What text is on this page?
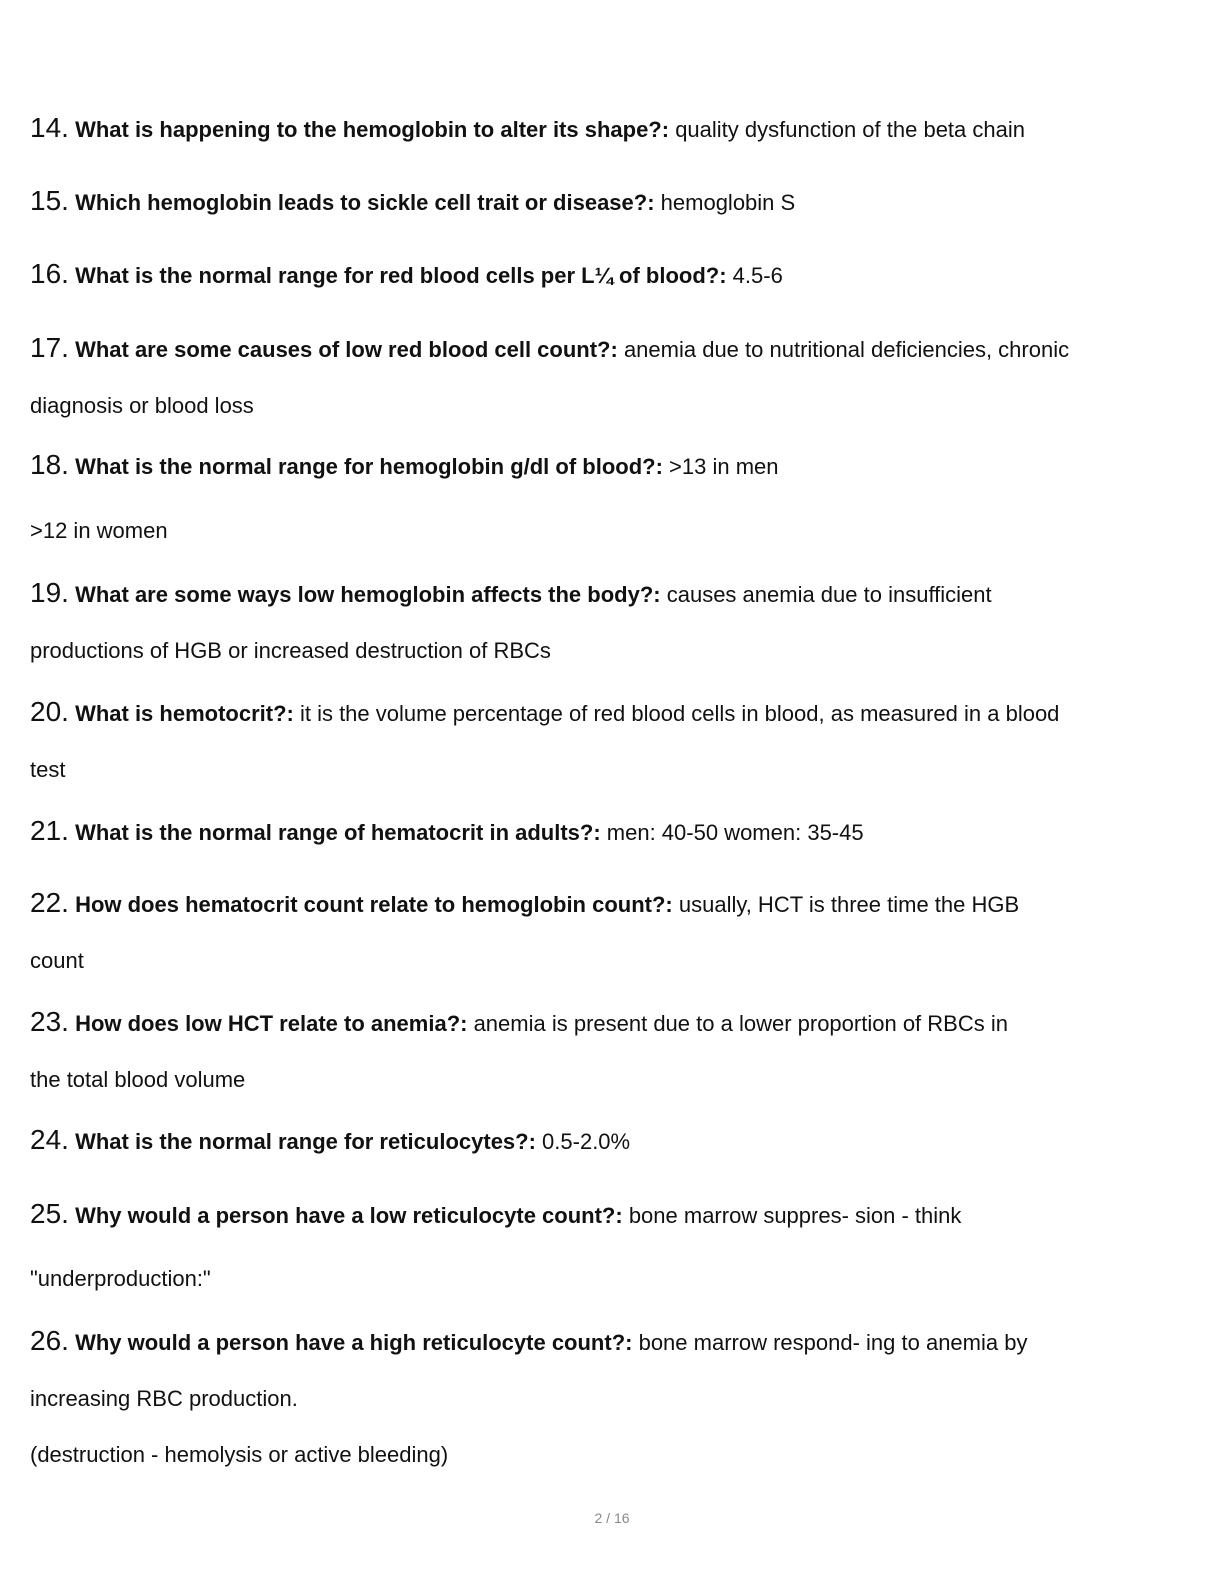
14. What is happening to the hemoglobin to alter its shape?: quality dysfunction of the beta chain
15. Which hemoglobin leads to sickle cell trait or disease?: hemoglobin S
16. What is the normal range for red blood cells per L¼ of blood?: 4.5-6
17. What are some causes of low red blood cell count?: anemia due to nutritional deficiencies, chronic
diagnosis or blood loss
18. What is the normal range for hemoglobin g/dl of blood?: >13 in men
>12 in women
19. What are some ways low hemoglobin affects the body?: causes anemia due to insufficient
productions of HGB or increased destruction of RBCs
20. What is hemotocrit?: it is the volume percentage of red blood cells in blood, as measured in a blood
test
21. What is the normal range of hematocrit in adults?: men: 40-50 women: 35-45
22. How does hematocrit count relate to hemoglobin count?: usually, HCT is three time the HGB
count
23. How does low HCT relate to anemia?: anemia is present due to a lower proportion of RBCs in
the total blood volume
24. What is the normal range for reticulocytes?: 0.5-2.0%
25. Why would a person have a low reticulocyte count?: bone marrow suppres- sion - think
"underproduction:"
26. Why would a person have a high reticulocyte count?: bone marrow respond- ing to anemia by
increasing RBC production.
(destruction - hemolysis or active bleeding)
2 / 16
